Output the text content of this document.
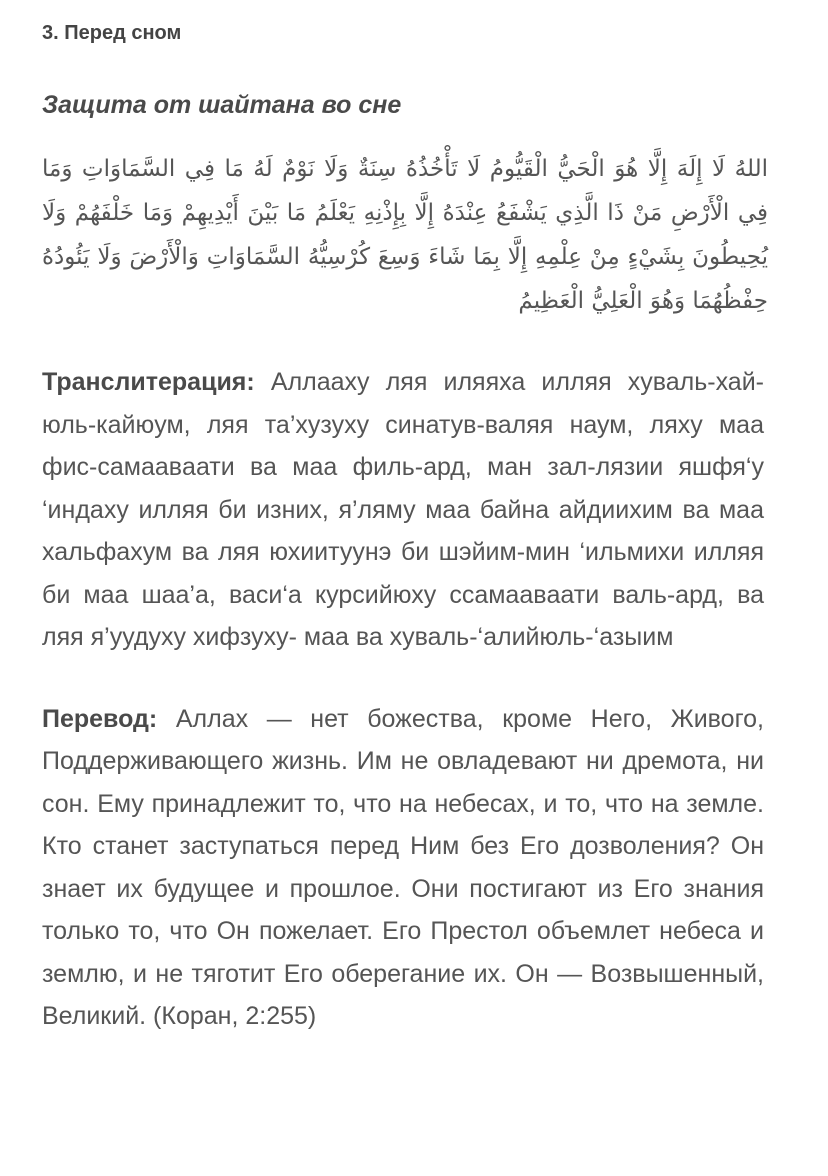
3. Перед сном
Защита от шайтана во сне

اللهُ لَا إِلَهَ إِلَّا هُوَ الْحَيُّ الْقَيُّومُ لَا تَأْخُذُهُ سِنَةٌ وَلَا نَوْمٌ لَهُ مَا فِي السَّمَاوَاتِ وَمَا فِي الْأَرْضِ مَنْ ذَا الَّذِي يَشْفَعُ عِنْدَهُ إِلَّا بِإِذْنِهِ يَعْلَمُ مَا بَيْنَ أَيْدِيهِمْ وَمَا خَلْفَهُمْ وَلَا يُحِيطُونَ بِشَيْءٍ مِنْ عِلْمِهِ إِلَّا بِمَا شَاءَ وَسِعَ كُرْسِيُّهُ السَّمَاوَاتِ وَالْأَرْضَ وَلَا يَئُودُهُ حِفْظُهُمَا وَهُوَ الْعَلِيُّ الْعَظِيمُ

Транслитерация: Аллааху ляя иляяха илляя хуваль-хай-юль-кайюум, ляя та’хузуху синатув-валяя наум, ляху маа фис-самаавaати ва маа филь-ард, ман зал-лязии яшфя‘у ‘индаху илляя би изних, я’ляму маа байна айдиихим ва маа хальфахум ва ляя юхиитуунэ би шэйим-мин ‘ильмихи илляя би маа шаа’а, васи‘а курсийюху ссамаавaати валь-ард, ва ляя я’уудуху хифзуху- маа ва хуваль-‘алийюль-‘азыим

Перевод: Аллах — нет божества, кроме Него, Живого, Поддерживающего жизнь. Им не овладевают ни дремота, ни сон. Ему принадлежит то, что на небесах, и то, что на земле. Кто станет заступаться перед Ним без Его дозволения? Он знает их будущее и прошлое. Они постигают из Его знания только то, что Он пожелает. Его Престол объемлет небеса и землю, и не тяготит Его оберегание их. Он — Возвышенный, Великий. (Коран, 2:255)
